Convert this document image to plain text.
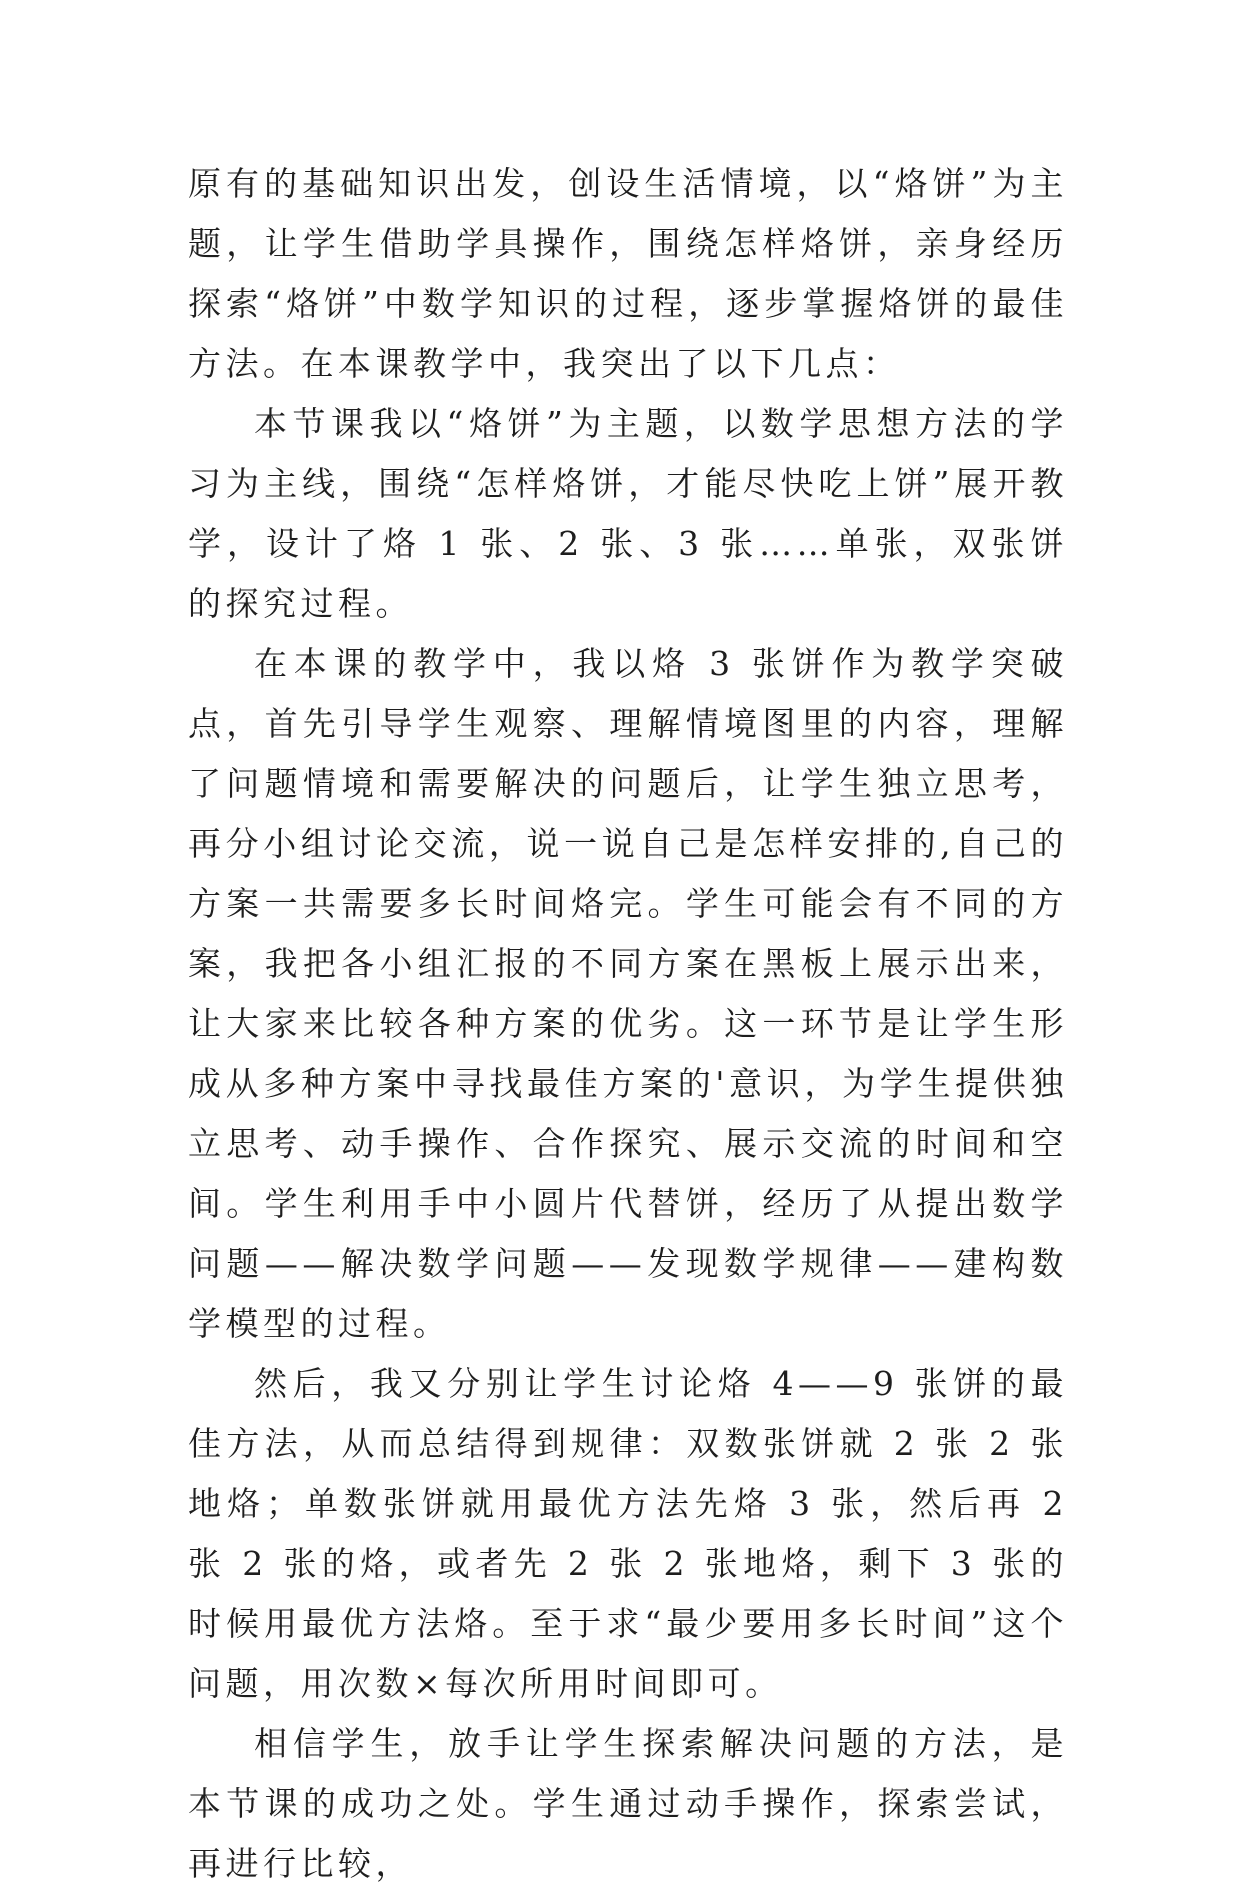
原有的基础知识出发，创设生活情境，以“烙饼”为主题，让学生借助学具操作，围绕怎样烙饼，亲身经历探索“烙饼”中数学知识的过程，逐步掌握烙饼的最佳方法。在本课教学中，我突出了以下几点：

本节课我以“烙饼”为主题，以数学思想方法的学习为主线，围绕“怎样烙饼，才能尽快吃上饼”展开教学，设计了烙 1 张、2 张、3 张……单张，双张饼的探究过程。

在本课的教学中，我以烙 3 张饼作为教学突破点，首先引导学生观察、理解情境图里的内容，理解了问题情境和需要解决的问题后，让学生独立思考，再分小组讨论交流，说一说自己是怎样安排的,自己的方案一共需要多长时间烙完。学生可能会有不同的方案，我把各小组汇报的不同方案在黑板上展示出来，让大家来比较各种方案的优劣。这一环节是让学生形成从多种方案中寻找最佳方案的'意识，为学生提供独立思考、动手操作、合作探究、展示交流的时间和空间。学生利用手中小圆片代替饼，经历了从提出数学问题——解决数学问题——发现数学规律——建构数学模型的过程。

然后，我又分别让学生讨论烙 4——9 张饼的最佳方法，从而总结得到规律：双数张饼就 2 张 2 张地烙；单数张饼就用最优方法先烙 3 张，然后再 2 张 2 张的烙，或者先 2 张 2 张地烙，剩下 3 张的时候用最优方法烙。至于求“最少要用多长时间”这个问题，用次数×每次所用时间即可。

相信学生，放手让学生探索解决问题的方法，是本节课的成功之处。学生通过动手操作，探索尝试，再进行比较，
